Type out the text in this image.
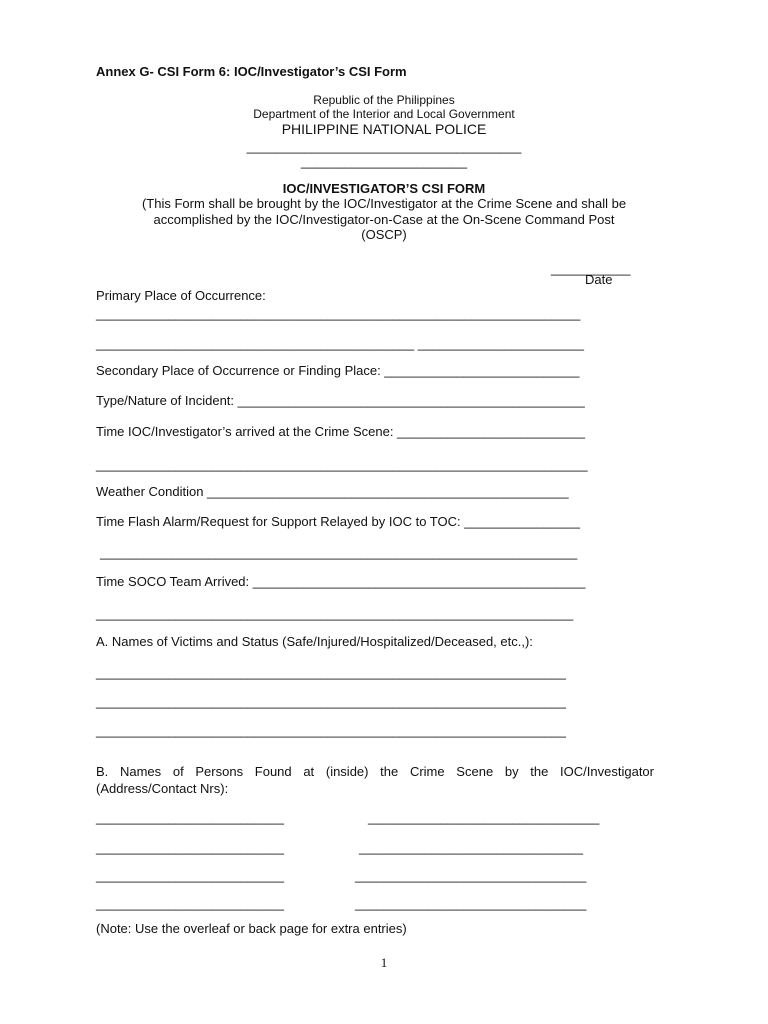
Annex G- CSI Form 6: IOC/Investigator’s CSI Form
Republic of the Philippines
Department of the Interior and Local Government
PHILIPPINE NATIONAL POLICE
______________________________________
_______________________
IOC/INVESTIGATOR’S CSI FORM
(This Form shall be brought by the IOC/Investigator at the Crime Scene and shall be
accomplished by the IOC/Investigator-on-Case at the On-Scene Command Post
(OSCP)
___________
Date
Primary Place of Occurrence:
___________________________________________________________________
____________________________________________ _______________________
Secondary Place of Occurrence or Finding Place: ___________________________
Type/Nature of Incident: ________________________________________________
Time IOC/Investigator’s arrived at the Crime Scene: __________________________
____________________________________________________________________
Weather Condition __________________________________________________
Time Flash Alarm/Request for Support Relayed by IOC to TOC: ________________
__________________________________________________________________
Time SOCO Team Arrived: ______________________________________________
__________________________________________________________________
A. Names of Victims and Status (Safe/Injured/Hospitalized/Deceased, etc.,):
_________________________________________________________________
_________________________________________________________________
_________________________________________________________________
B. Names of Persons Found at (inside) the Crime Scene by the IOC/Investigator (Address/Contact Nrs):
__________________________	________________________________
__________________________	_______________________________
__________________________	________________________________
__________________________	________________________________
(Note: Use the overleaf or back page for extra entries)
1
